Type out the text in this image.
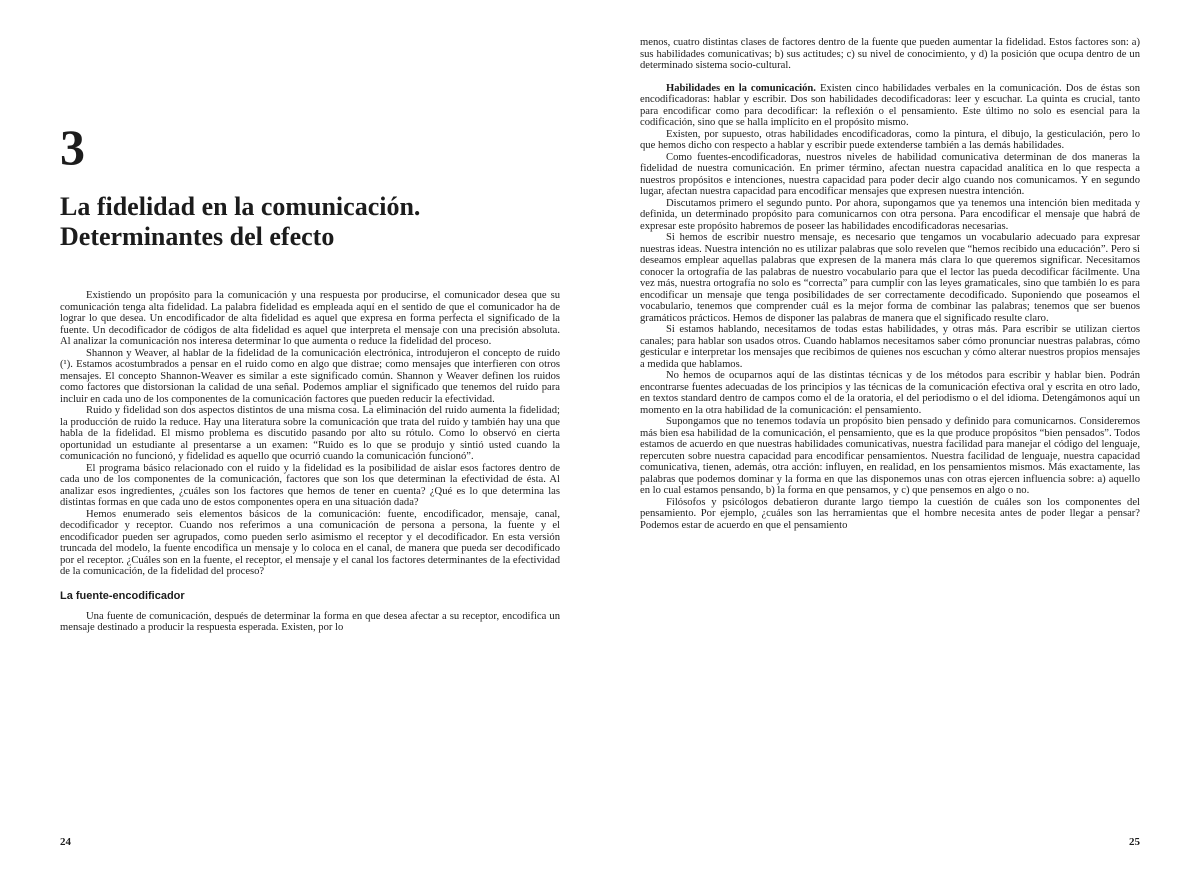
3
La fidelidad en la comunicación.
Determinantes del efecto

Existiendo un propósito para la comunicación y una respuesta por producirse, el comunicador desea que su comunicación tenga alta fidelidad. La palabra fidelidad es empleada aquí en el sentido de que el comunicador ha de lograr lo que desea. Un encodificador de alta fidelidad es aquel que expresa en forma perfecta el significado de la fuente. Un decodificador de códigos de alta fidelidad es aquel que interpreta el mensaje con una precisión absoluta. Al analizar la comunicación nos interesa determinar lo que aumenta o reduce la fidelidad del proceso.

Shannon y Weaver, al hablar de la fidelidad de la comunicación electrónica, introdujeron el concepto de ruido (¹). Estamos acostumbrados a pensar en el ruido como en algo que distrae; como mensajes que interfieren con otros mensajes. El concepto Shannon-Weaver es similar a este significado común. Shannon y Weaver definen los ruidos como factores que distorsionan la calidad de una señal. Podemos ampliar el significado que tenemos del ruido para incluir en cada uno de los componentes de la comunicación factores que pueden reducir la efectividad.

Ruido y fidelidad son dos aspectos distintos de una misma cosa. La eliminación del ruido aumenta la fidelidad; la producción de ruido la reduce. Hay una literatura sobre la comunicación que trata del ruido y también hay una que habla de la fidelidad. El mismo problema es discutido pasando por alto su rótulo. Como lo observó en cierta oportunidad un estudiante al presentarse a un examen: “Ruido es lo que se produjo y sintió usted cuando la comunicación no funcionó, y fidelidad es aquello que ocurrió cuando la comunicación funcionó”.

El programa básico relacionado con el ruido y la fidelidad es la posibilidad de aislar esos factores dentro de cada uno de los componentes de la comunicación, factores que son los que determinan la efectividad de ésta. Al analizar esos ingredientes, ¿cuáles son los factores que hemos de tener en cuenta? ¿Qué es lo que determina las distintas formas en que cada uno de estos componentes opera en una situación dada?

Hemos enumerado seis elementos básicos de la comunicación: fuente, encodificador, mensaje, canal, decodificador y receptor. Cuando nos referimos a una comunicación de persona a persona, la fuente y el encodificador pueden ser agrupados, como pueden serlo asimismo el receptor y el decodificador. En esta versión truncada del modelo, la fuente encodifica un mensaje y lo coloca en el canal, de manera que pueda ser decodificado por el receptor. ¿Cuáles son en la fuente, el receptor, el mensaje y el canal los factores determinantes de la efectividad de la comunicación, de la fidelidad del proceso?

La fuente-encodificador

Una fuente de comunicación, después de determinar la forma en que desea afectar a su receptor, encodifica un mensaje destinado a producir la respuesta esperada. Existen, por lo

24

menos, cuatro distintas clases de factores dentro de la fuente que pueden aumentar la fidelidad. Estos factores son: a) sus habilidades comunicativas; b) sus actitudes; c) su nivel de conocimiento, y d) la posición que ocupa dentro de un determinado sistema socio-cultural.

Habilidades en la comunicación. Existen cinco habilidades verbales en la comunicación. Dos de éstas son encodificadoras: hablar y escribir. Dos son habilidades decodificadoras: leer y escuchar. La quinta es crucial, tanto para encodificar como para decodificar: la reflexión o el pensamiento. Este último no solo es esencial para la codificación, sino que se halla implícito en el propósito mismo.

Existen, por supuesto, otras habilidades encodificadoras, como la pintura, el dibujo, la gesticulación, pero lo que hemos dicho con respecto a hablar y escribir puede extenderse también a las demás habilidades.

Como fuentes-encodificadoras, nuestros niveles de habilidad comunicativa determinan de dos maneras la fidelidad de nuestra comunicación. En primer término, afectan nuestra capacidad analítica en lo que respecta a nuestros propósitos e intenciones, nuestra capacidad para poder decir algo cuando nos comunicamos. Y en segundo lugar, afectan nuestra capacidad para encodificar mensajes que expresen nuestra intención.

Discutamos primero el segundo punto. Por ahora, supongamos que ya tenemos una intención bien meditada y definida, un determinado propósito para comunicarnos con otra persona. Para encodificar el mensaje que habrá de expresar este propósito habremos de poseer las habilidades encodificadoras necesarias.

Si hemos de escribir nuestro mensaje, es necesario que tengamos un vocabulario adecuado para expresar nuestras ideas. Nuestra intención no es utilizar palabras que solo revelen que “hemos recibido una educación”. Pero si deseamos emplear aquellas palabras que expresen de la manera más clara lo que queremos significar. Necesitamos conocer la ortografía de las palabras de nuestro vocabulario para que el lector las pueda decodificar fácilmente. Una vez más, nuestra ortografía no solo es “correcta” para cumplir con las leyes gramaticales, sino que también lo es para encodificar un mensaje que tenga posibilidades de ser correctamente decodificado. Suponiendo que poseamos el vocabulario, tenemos que comprender cuál es la mejor forma de combinar las palabras; tenemos que ser buenos gramáticos prácticos. Hemos de disponer las palabras de manera que el significado resulte claro.

Si estamos hablando, necesitamos de todas estas habilidades, y otras más. Para escribir se utilizan ciertos canales; para hablar son usados otros. Cuando hablamos necesitamos saber cómo pronunciar nuestras palabras, cómo gesticular e interpretar los mensajes que recibimos de quienes nos escuchan y cómo alterar nuestros propios mensajes a medida que hablamos.

No hemos de ocuparnos aquí de las distintas técnicas y de los métodos para escribir y hablar bien. Podrán encontrarse fuentes adecuadas de los principios y las técnicas de la comunicación efectiva oral y escrita en otro lado, en textos standard dentro de campos como el de la oratoria, el del periodismo o el del idioma. Detengámonos aquí un momento en la otra habilidad de la comunicación: el pensamiento.

Supongamos que no tenemos todavía un propósito bien pensado y definido para comunicarnos. Consideremos más bien esa habilidad de la comunicación, el pensamiento, que es la que produce propósitos “bien pensados”. Todos estamos de acuerdo en que nuestras habilidades comunicativas, nuestra facilidad para manejar el código del lenguaje, repercuten sobre nuestra capacidad para encodificar pensamientos. Nuestra facilidad de lenguaje, nuestra capacidad comunicativa, tienen, además, otra acción: influyen, en realidad, en los pensamientos mismos. Más exactamente, las palabras que podemos dominar y la forma en que las disponemos unas con otras ejercen influencia sobre: a) aquello en lo cual estamos pensando, b) la forma en que pensamos, y c) que pensemos en algo o no.

Filósofos y psicólogos debatieron durante largo tiempo la cuestión de cuáles son los componentes del pensamiento. Por ejemplo, ¿cuáles son las herramientas que el hombre necesita antes de poder llegar a pensar? Podemos estar de acuerdo en que el pensamiento

25
